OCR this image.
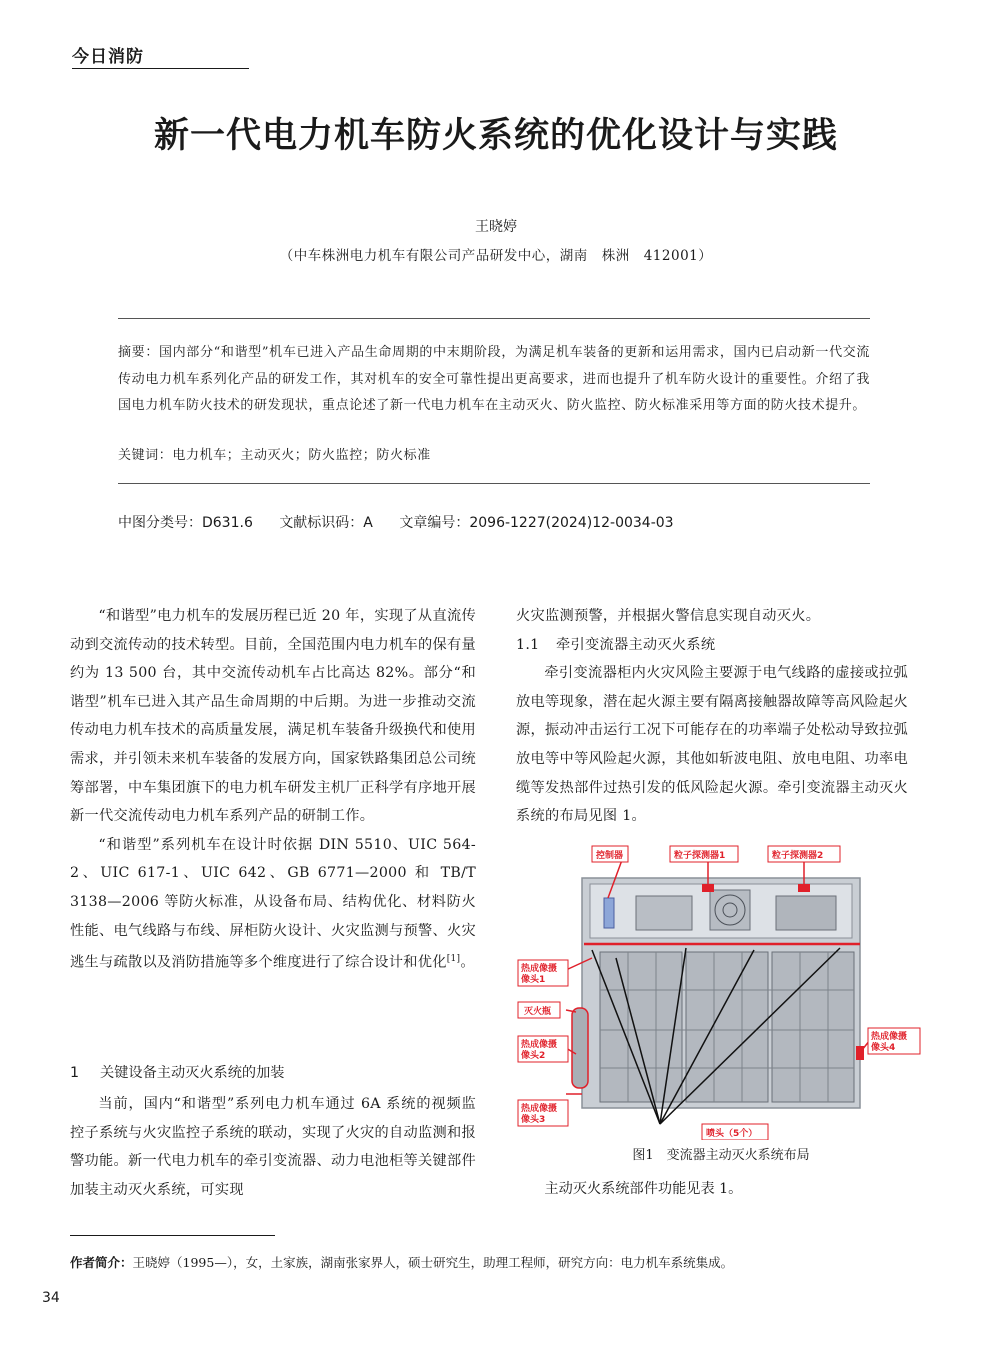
今日消防
新一代电力机车防火系统的优化设计与实践
王晓婷
（中车株洲电力机车有限公司产品研发中心，湖南　株洲　412001）
摘要：国内部分“和谐型”机车已进入产品生命周期的中末期阶段，为满足机车装备的更新和运用需求，国内已启动新一代交流传动电力机车系列化产品的研发工作，其对机车的安全可靠性提出更高要求，进而也提升了机车防火设计的重要性。介绍了我国电力机车防火技术的研发现状，重点论述了新一代电力机车在主动灭火、防火监控、防火标准采用等方面的防火技术提升。
关键词：电力机车；主动灭火；防火监控；防火标准
中图分类号：D631.6 文献标识码：A 文章编号：2096-1227(2024)12-0034-03

“和谐型”电力机车的发展历程已近 20 年，实现了从直流传动到交流传动的技术转型。目前，全国范围内电力机车的保有量约为 13 500 台，其中交流传动机车占比高达 82%。部分“和谐型”机车已进入其产品生命周期的中后期。为进一步推动交流传动电力机车技术的高质量发展，满足机车装备升级换代和使用需求，并引领未来机车装备的发展方向，国家铁路集团总公司统筹部署，中车集团旗下的电力机车研发主机厂正科学有序地开展新一代交流传动电力机车系列产品的研制工作。

“和谐型”系列机车在设计时依据 DIN 5510、UIC 564-2、UIC 617-1、UIC 642、GB 6771—2000 和 TB/T 3138—2006 等防火标准，从设备布局、结构优化、材料防火性能、电气线路与布线、屏柜防火设计、火灾监测与预警、火灾逃生与疏散以及消防措施等多个维度进行了综合设计和优化[1]。

1 关键设备主动灭火系统的加装

当前，国内“和谐型”系列电力机车通过 6A 系统的视频监控子系统与火灾监控子系统的联动，实现了火灾的自动监测和报警功能。新一代电力机车的牵引变流器、动力电池柜等关键部件加装主动灭火系统，可实现

火灾监测预警，并根据火警信息实现自动灭火。

1.1 牵引变流器主动灭火系统

牵引变流器柜内火灾风险主要源于电气线路的虚接或拉弧放电等现象，潜在起火源主要有隔离接触器故障等高风险起火源，振动冲击运行工况下可能存在的功率端子处松动导致拉弧放电等中等风险起火源，其他如斩波电阻、放电电阻、功率电缆等发热部件过热引发的低风险起火源。牵引变流器主动灭火系统的布局见图 1。

控制器	粒子探测器1	粒子探测器2
热成像摄
像头1
灭火瓶
热成像摄
像头2
热成像摄
像头3
热成像摄
像头4
喷头（5个）
图1　变流器主动灭火系统布局
主动灭火系统部件功能见表 1。
作者简介：王晓婷（1995—），女，土家族，湖南张家界人，硕士研究生，助理工程师，研究方向：电力机车系统集成。
34
